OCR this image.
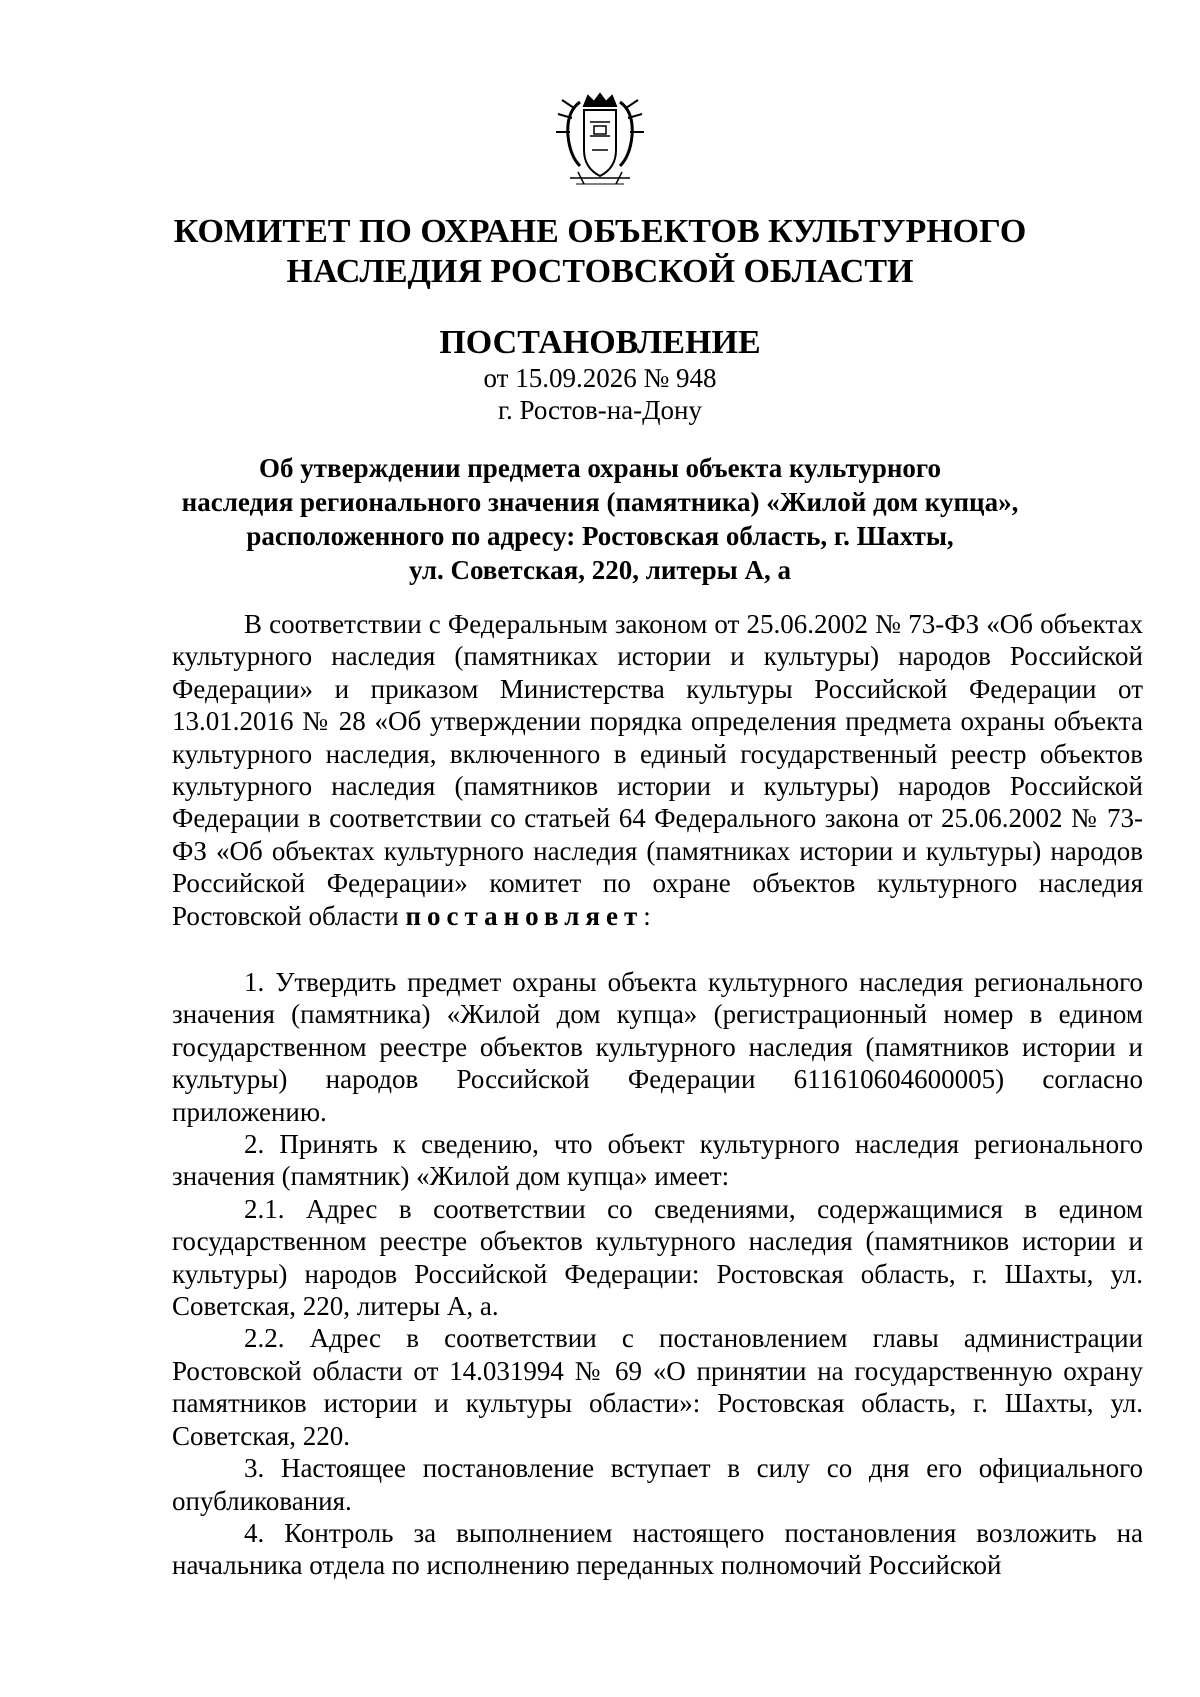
КОМИТЕТ ПО ОХРАНЕ ОБЪЕКТОВ КУЛЬТУРНОГО
НАСЛЕДИЯ РОСТОВСКОЙ ОБЛАСТИ
ПОСТАНОВЛЕНИЕ
от 15.09.2026 № 948
г. Ростов-на-Дону
Об утверждении предмета охраны объекта культурного
наследия регионального значения (памятника) «Жилой дом купца»,
расположенного по адресу: Ростовская область, г. Шахты,
ул. Советская, 220, литеры А, а

В соответствии с Федеральным законом от 25.06.2002 № 73-ФЗ «Об объектах культурного наследия (памятниках истории и культуры) народов Российской Федерации» и приказом Министерства культуры Российской Федерации от 13.01.2016 № 28 «Об утверждении порядка определения предмета охраны объекта культурного наследия, включенного в единый государственный реестр объектов культурного наследия (памятников истории и культуры) народов Российской Федерации в соответствии со статьей 64 Федерального закона от 25.06.2002 № 73-ФЗ «Об объектах культурного наследия (памятниках истории и культуры) народов Российской Федерации» комитет по охране объектов культурного наследия Ростовской области постановляет:

1. Утвердить предмет охраны объекта культурного наследия регионального значения (памятника) «Жилой дом купца» (регистрационный номер в едином государственном реестре объектов культурного наследия (памятников истории и культуры) народов Российской Федерации 611610604600005) согласно приложению.

2. Принять к сведению, что объект культурного наследия регионального значения (памятник) «Жилой дом купца» имеет:

2.1. Адрес в соответствии со сведениями, содержащимися в едином государственном реестре объектов культурного наследия (памятников истории и культуры) народов Российской Федерации: Ростовская область, г. Шахты, ул. Советская, 220, литеры А, а.

2.2. Адрес в соответствии с постановлением главы администрации Ростовской области от 14.031994 № 69 «О принятии на государственную охрану памятников истории и культуры области»: Ростовская область, г. Шахты, ул. Советская, 220.

3. Настоящее постановление вступает в силу со дня его официального опубликования.

4. Контроль за выполнением настоящего постановления возложить на начальника отдела по исполнению переданных полномочий Российской
